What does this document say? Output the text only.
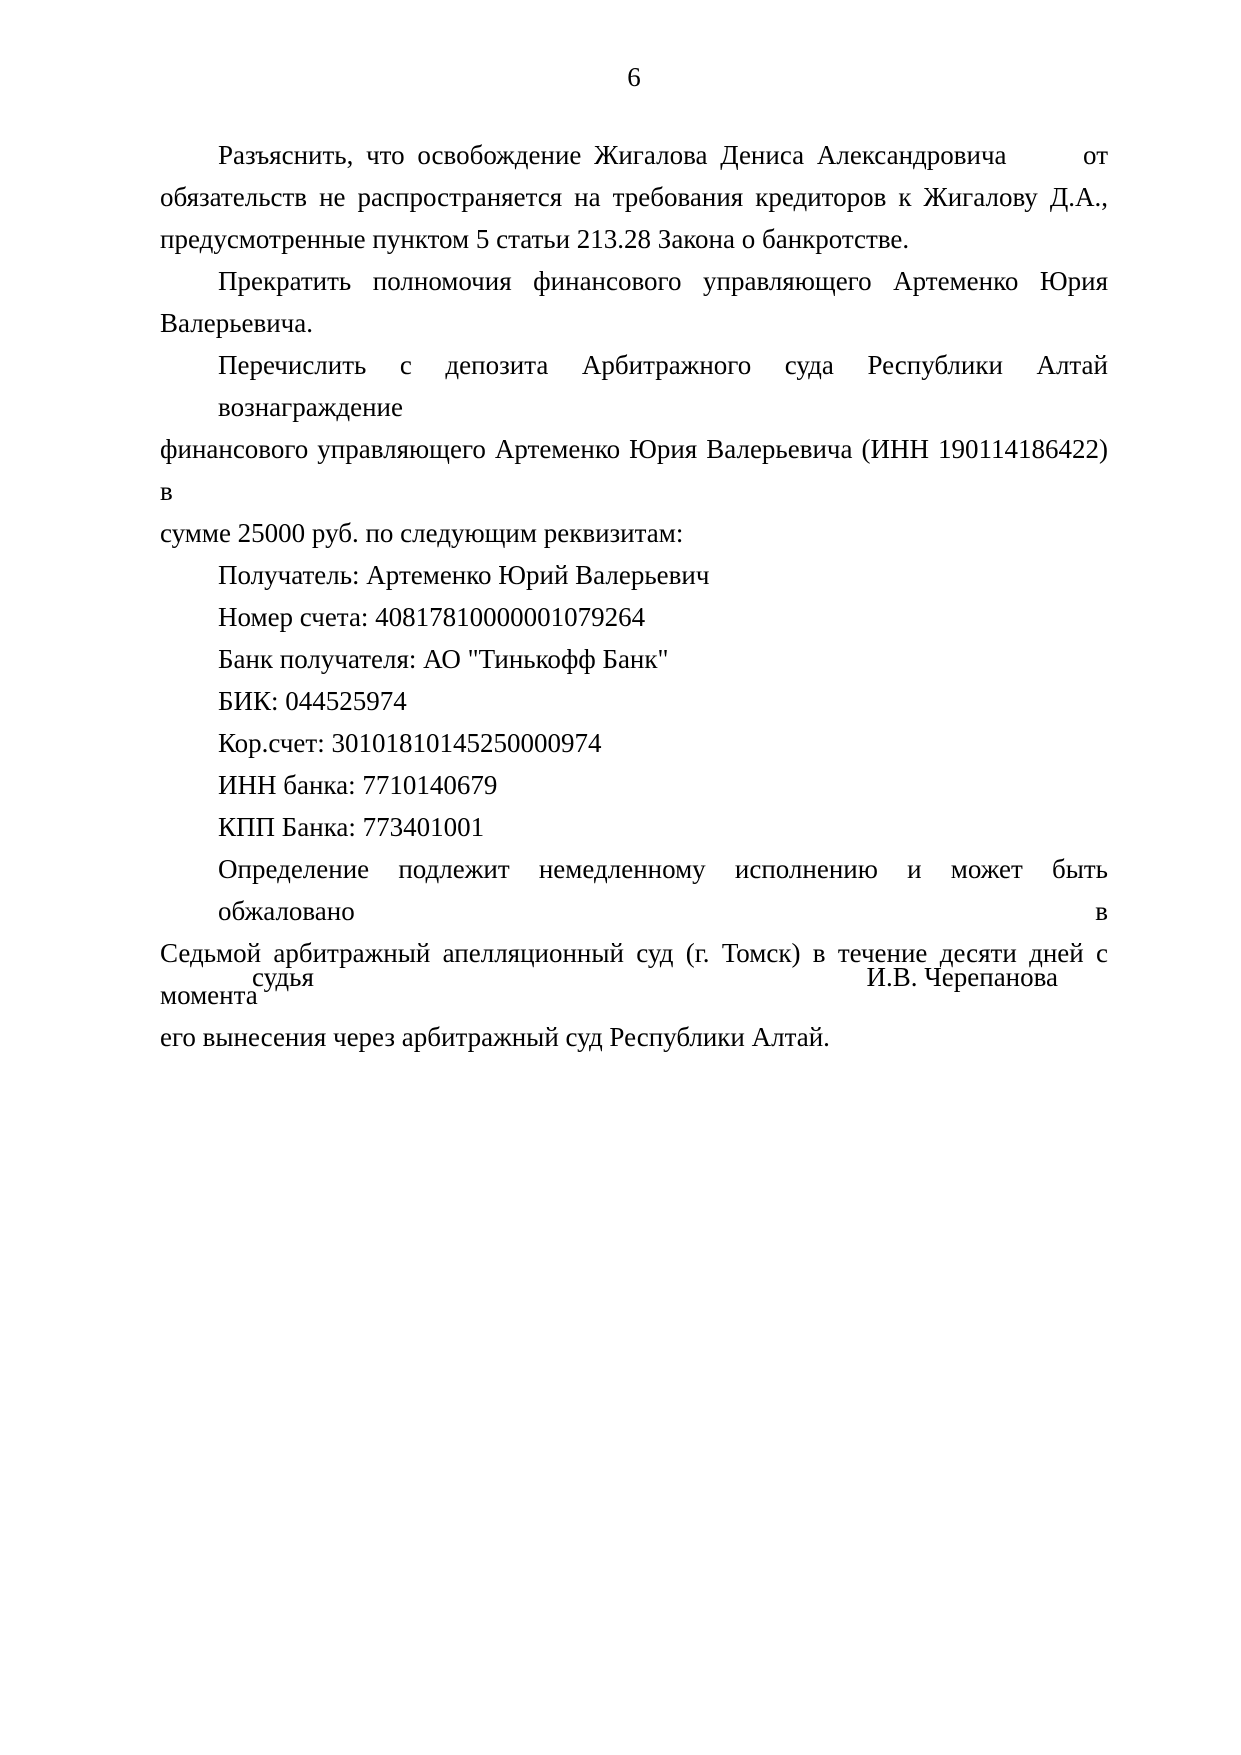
6
Разъяснить, что освобождение Жигалова Дениса Александровича      от
обязательств не распространяется на требования кредиторов к Жигалову Д.А.,
предусмотренные пунктом 5 статьи 213.28 Закона о банкротстве.
Прекратить полномочия финансового управляющего Артеменко Юрия
Валерьевича.
Перечислить с депозита Арбитражного суда Республики Алтай вознаграждение
финансового управляющего Артеменко Юрия Валерьевича (ИНН 190114186422) в
сумме 25000 руб. по следующим реквизитам:
Получатель: Артеменко Юрий Валерьевич
Номер счета: 40817810000001079264
Банк получателя: АО "Тинькофф Банк"
БИК: 044525974
Кор.счет: 30101810145250000974
ИНН банка: 7710140679
КПП Банка: 773401001
Определение подлежит немедленному исполнению и может быть обжаловано в
Седьмой арбитражный апелляционный суд (г. Томск) в течение десяти дней с момента
его вынесения через арбитражный суд Республики Алтай.
судья	И.В. Черепанова
